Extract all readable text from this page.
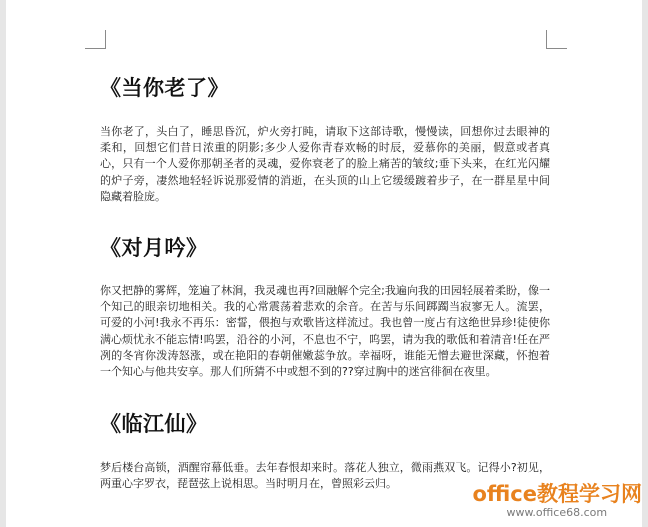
《当你老了》

当你老了，头白了，睡思昏沉，炉火旁打盹，请取下这部诗歌，慢慢读，回想你过去眼神的柔和，回想它们昔日浓重的阴影;多少人爱你青春欢畅的时辰，爱慕你的美丽，假意或者真心，只有一个人爱你那朝圣者的灵魂，爱你衰老了的脸上痛苦的皱纹;垂下头来，在红光闪耀的炉子旁，凄然地轻轻诉说那爱情的消逝，在头顶的山上它缓缓踱着步子，在一群星星中间隐藏着脸庞。

《对月吟》

你又把静的雾辉，笼遍了林涧，我灵魂也再?回融解个完全;我遍向我的田园轻展着柔盼，像一个知己的眼亲切地相关。我的心常震荡着悲欢的余音。在苦与乐间踯躅当寂寥无人。流罢，可爱的小河!我永不再乐：密誓，偎抱与欢歌皆这样流过。我也曾一度占有这绝世异珍!徒使你满心烦忧永不能忘情!呜罢，沿谷的小河，不息也不宁，呜罢，请为我的歌低和着清音!任在严冽的冬宵你泼涛怒涨，或在艳阳的春朝催嫩蕊争放。幸福呀，谁能无憎去避世深藏，怀抱着一个知心与他共安享。那人们所猜不中或想不到的??穿过胸中的迷宫徘徊在夜里。

《临江仙》

梦后楼台高锁，酒醒帘幕低垂。去年春恨却来时。落花人独立，微雨燕双飞。记得小?初见，两重心字罗衣，琵琶弦上说相思。当时明月在，曾照彩云归。	office教程学习网
www.office68.com
